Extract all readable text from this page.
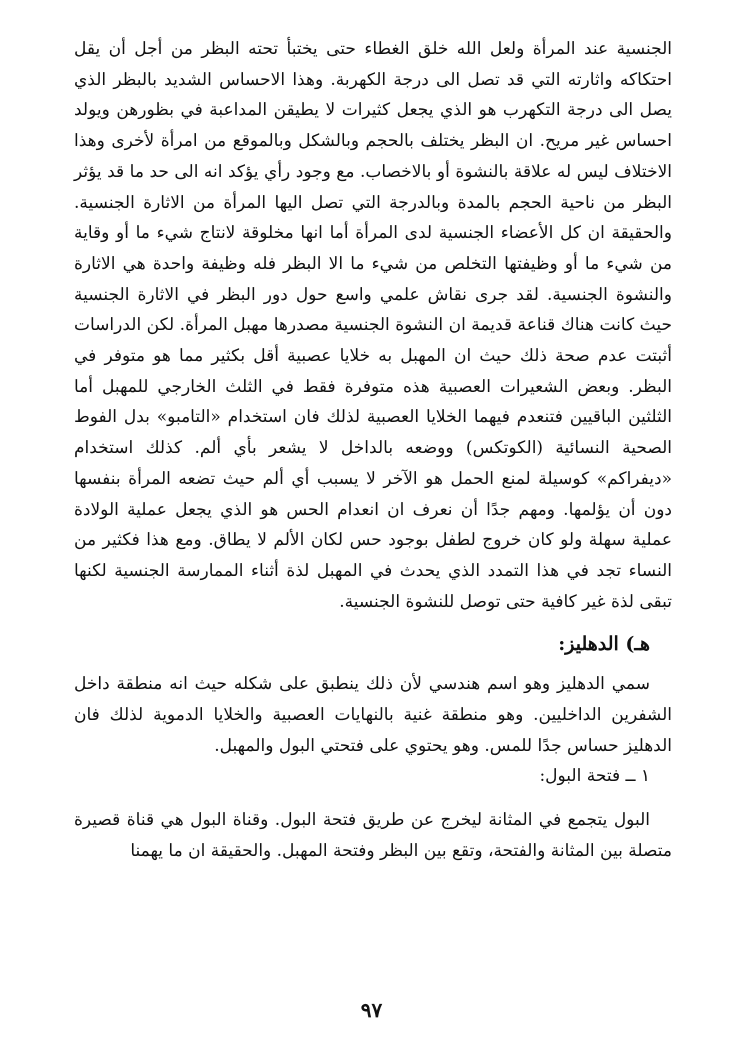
الجنسية عند المرأة ولعل الله خلق الغطاء حتى يختبأ تحته البظر من أجل أن يقل احتكاكه واثارته التي قد تصل الى درجة الكهربة. وهذا الاحساس الشديد بالبظر الذي يصل الى درجة التكهرب هو الذي يجعل كثيرات لا يطيقن المداعبة في بظورهن ويولد احساس غير مريح. ان البظر يختلف بالحجم وبالشكل وبالموقع من امرأة لأخرى وهذا الاختلاف ليس له علاقة بالنشوة أو بالاخصاب. مع وجود رأي يؤكد انه الى حد ما قد يؤثر البظر من ناحية الحجم بالمدة وبالدرجة التي تصل اليها المرأة من الاثارة الجنسية. والحقيقة ان كل الأعضاء الجنسية لدى المرأة أما انها مخلوقة لانتاج شيء ما أو وقاية من شيء ما أو وظيفتها التخلص من شيء ما الا البظر فله وظيفة واحدة هي الاثارة والنشوة الجنسية. لقد جرى نقاش علمي واسع حول دور البظر في الاثارة الجنسية حيث كانت هناك قناعة قديمة ان النشوة الجنسية مصدرها مهبل المرأة. لكن الدراسات أثبتت عدم صحة ذلك حيث ان المهبل به خلايا عصبية أقل بكثير مما هو متوفر في البظر. وبعض الشعيرات العصبية هذه متوفرة فقط في الثلث الخارجي للمهبل أما الثلثين الباقيين فتنعدم فيهما الخلايا العصبية لذلك فان استخدام «التامبو» بدل الفوط الصحية النسائية (الكوتكس) ووضعه بالداخل لا يشعر بأي ألم. كذلك استخدام «ديفراكم» كوسيلة لمنع الحمل هو الآخر لا يسبب أي ألم حيث تضعه المرأة بنفسها دون أن يؤلمها. ومهم جدًا أن نعرف ان انعدام الحس هو الذي يجعل عملية الولادة عملية سهلة ولو كان خروج لطفل بوجود حس لكان الألم لا يطاق. ومع هذا فكثير من النساء تجد في هذا التمدد الذي يحدث في المهبل لذة أثناء الممارسة الجنسية لكنها تبقى لذة غير كافية حتى توصل للنشوة الجنسية.

هـ) الدهليز:

سمي الدهليز وهو اسم هندسي لأن ذلك ينطبق على شكله حيث انه منطقة داخل الشفرين الداخليين. وهو منطقة غنية بالنهايات العصبية والخلايا الدموية لذلك فان الدهليز حساس جدًا للمس. وهو يحتوي على فتحتي البول والمهبل.

١ ــ فتحة البول:

البول يتجمع في المثانة ليخرج عن طريق فتحة البول. وقناة البول هي قناة قصيرة متصلة بين المثانة والفتحة، وتقع بين البظر وفتحة المهبل. والحقيقة ان ما يهمنا

٩٧
